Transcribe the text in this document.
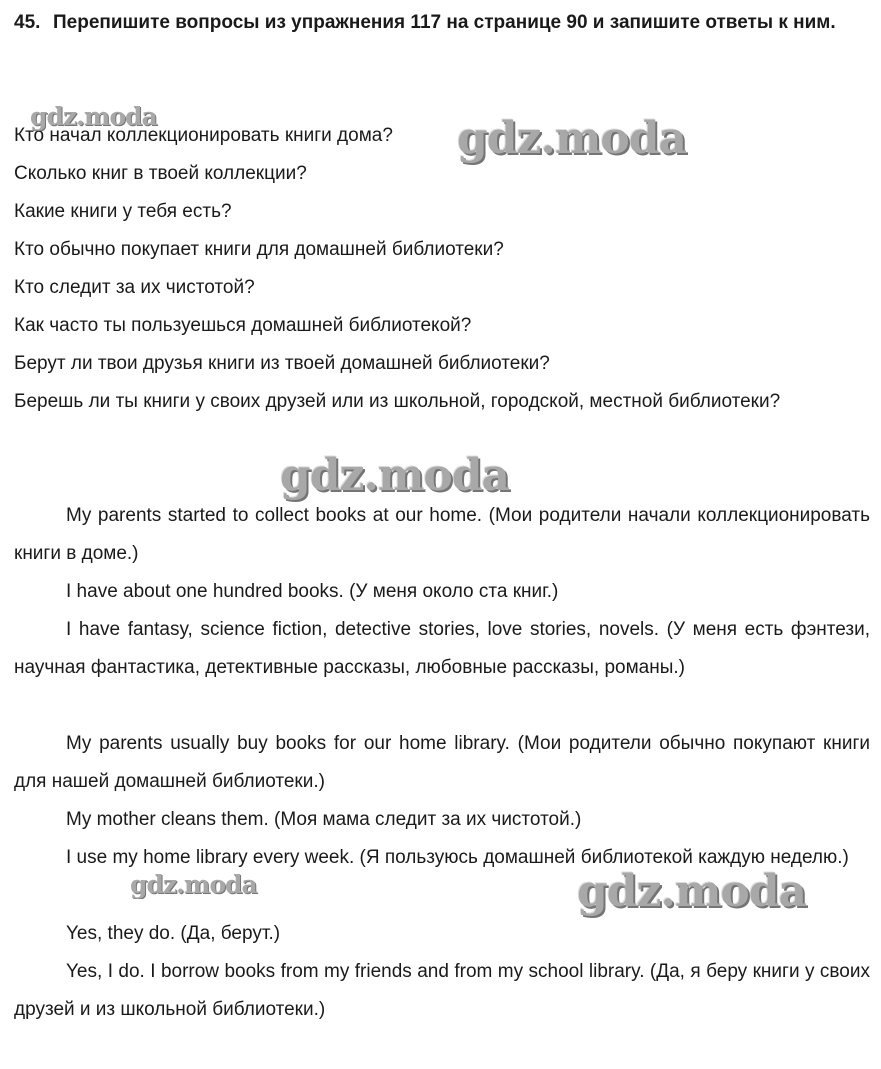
45. Перепишите вопросы из упражнения 117 на странице 90 и запишите ответы к ним.
Кто начал коллекционировать книги дома?
Сколько книг в твоей коллекции?
Какие книги у тебя есть?
Кто обычно покупает книги для домашней библиотеки?
Кто следит за их чистотой?
Как часто ты пользуешься домашней библиотекой?
Берут ли твои друзья книги из твоей домашней библиотеки?
Берешь ли ты книги у своих друзей или из школьной, городской, местной библиотеки?
My parents started to collect books at our home. (Мои родители начали коллекционировать книги в доме.)
I have about one hundred books. (У меня около ста книг.)
I have fantasy, science fiction, detective stories, love stories, novels. (У меня есть фэнтези, научная фантастика, детективные рассказы, любовные рассказы, романы.)
My parents usually buy books for our home library. (Мои родители обычно покупают книги для нашей домашней библиотеки.)
My mother cleans them. (Моя мама следит за их чистотой.)
I use my home library every week. (Я пользуюсь домашней библиотекой каждую неделю.)
Yes, they do. (Да, берут.)
Yes, I do. I borrow books from my friends and from my school library. (Да, я беру книги у своих друзей и из школьной библиотеки.)
gdz.moda	gdz.moda
gdz.moda
gdz.moda	gdz.moda
